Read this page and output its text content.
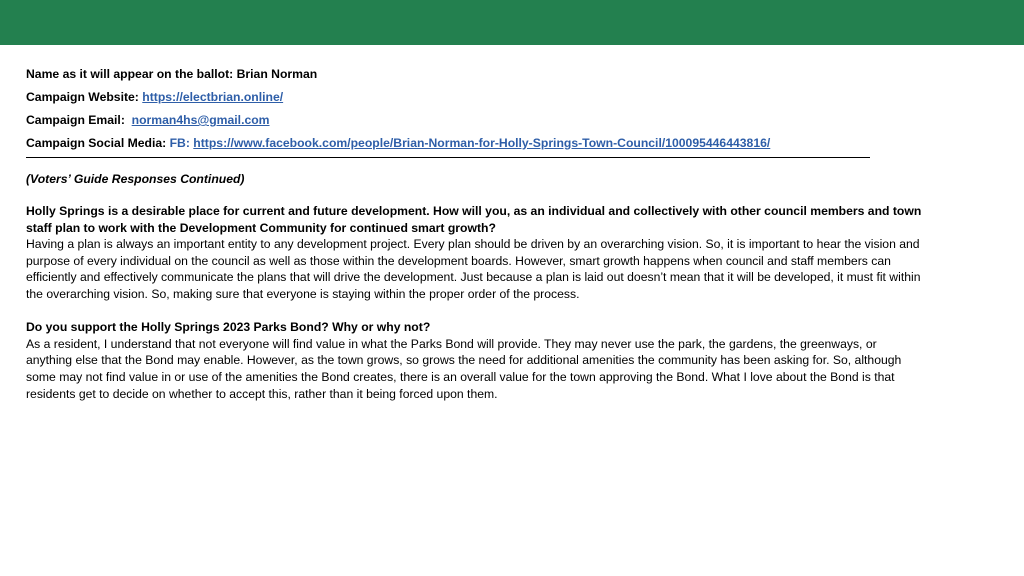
Name as it will appear on the ballot: Brian Norman
Campaign Website: https://electbrian.online/
Campaign Email:  norman4hs@gmail.com
Campaign Social Media: FB: https://www.facebook.com/people/Brian-Norman-for-Holly-Springs-Town-Council/100095446443816/
(Voters’ Guide Responses Continued)
Holly Springs is a desirable place for current and future development. How will you, as an individual and collectively with other council members and town staff plan to work with the Development Community for continued smart growth?
Having a plan is always an important entity to any development project. Every plan should be driven by an overarching vision. So, it is important to hear the vision and purpose of every individual on the council as well as those within the development boards. However, smart growth happens when council and staff members can efficiently and effectively communicate the plans that will drive the development. Just because a plan is laid out doesn’t mean that it will be developed, it must fit within the overarching vision. So, making sure that everyone is staying within the proper order of the process.
Do you support the Holly Springs 2023 Parks Bond? Why or why not?
As a resident, I understand that not everyone will find value in what the Parks Bond will provide. They may never use the park, the gardens, the greenways, or anything else that the Bond may enable. However, as the town grows, so grows the need for additional amenities the community has been asking for. So, although some may not find value in or use of the amenities the Bond creates, there is an overall value for the town approving the Bond. What I love about the Bond is that residents get to decide on whether to accept this, rather than it being forced upon them.
